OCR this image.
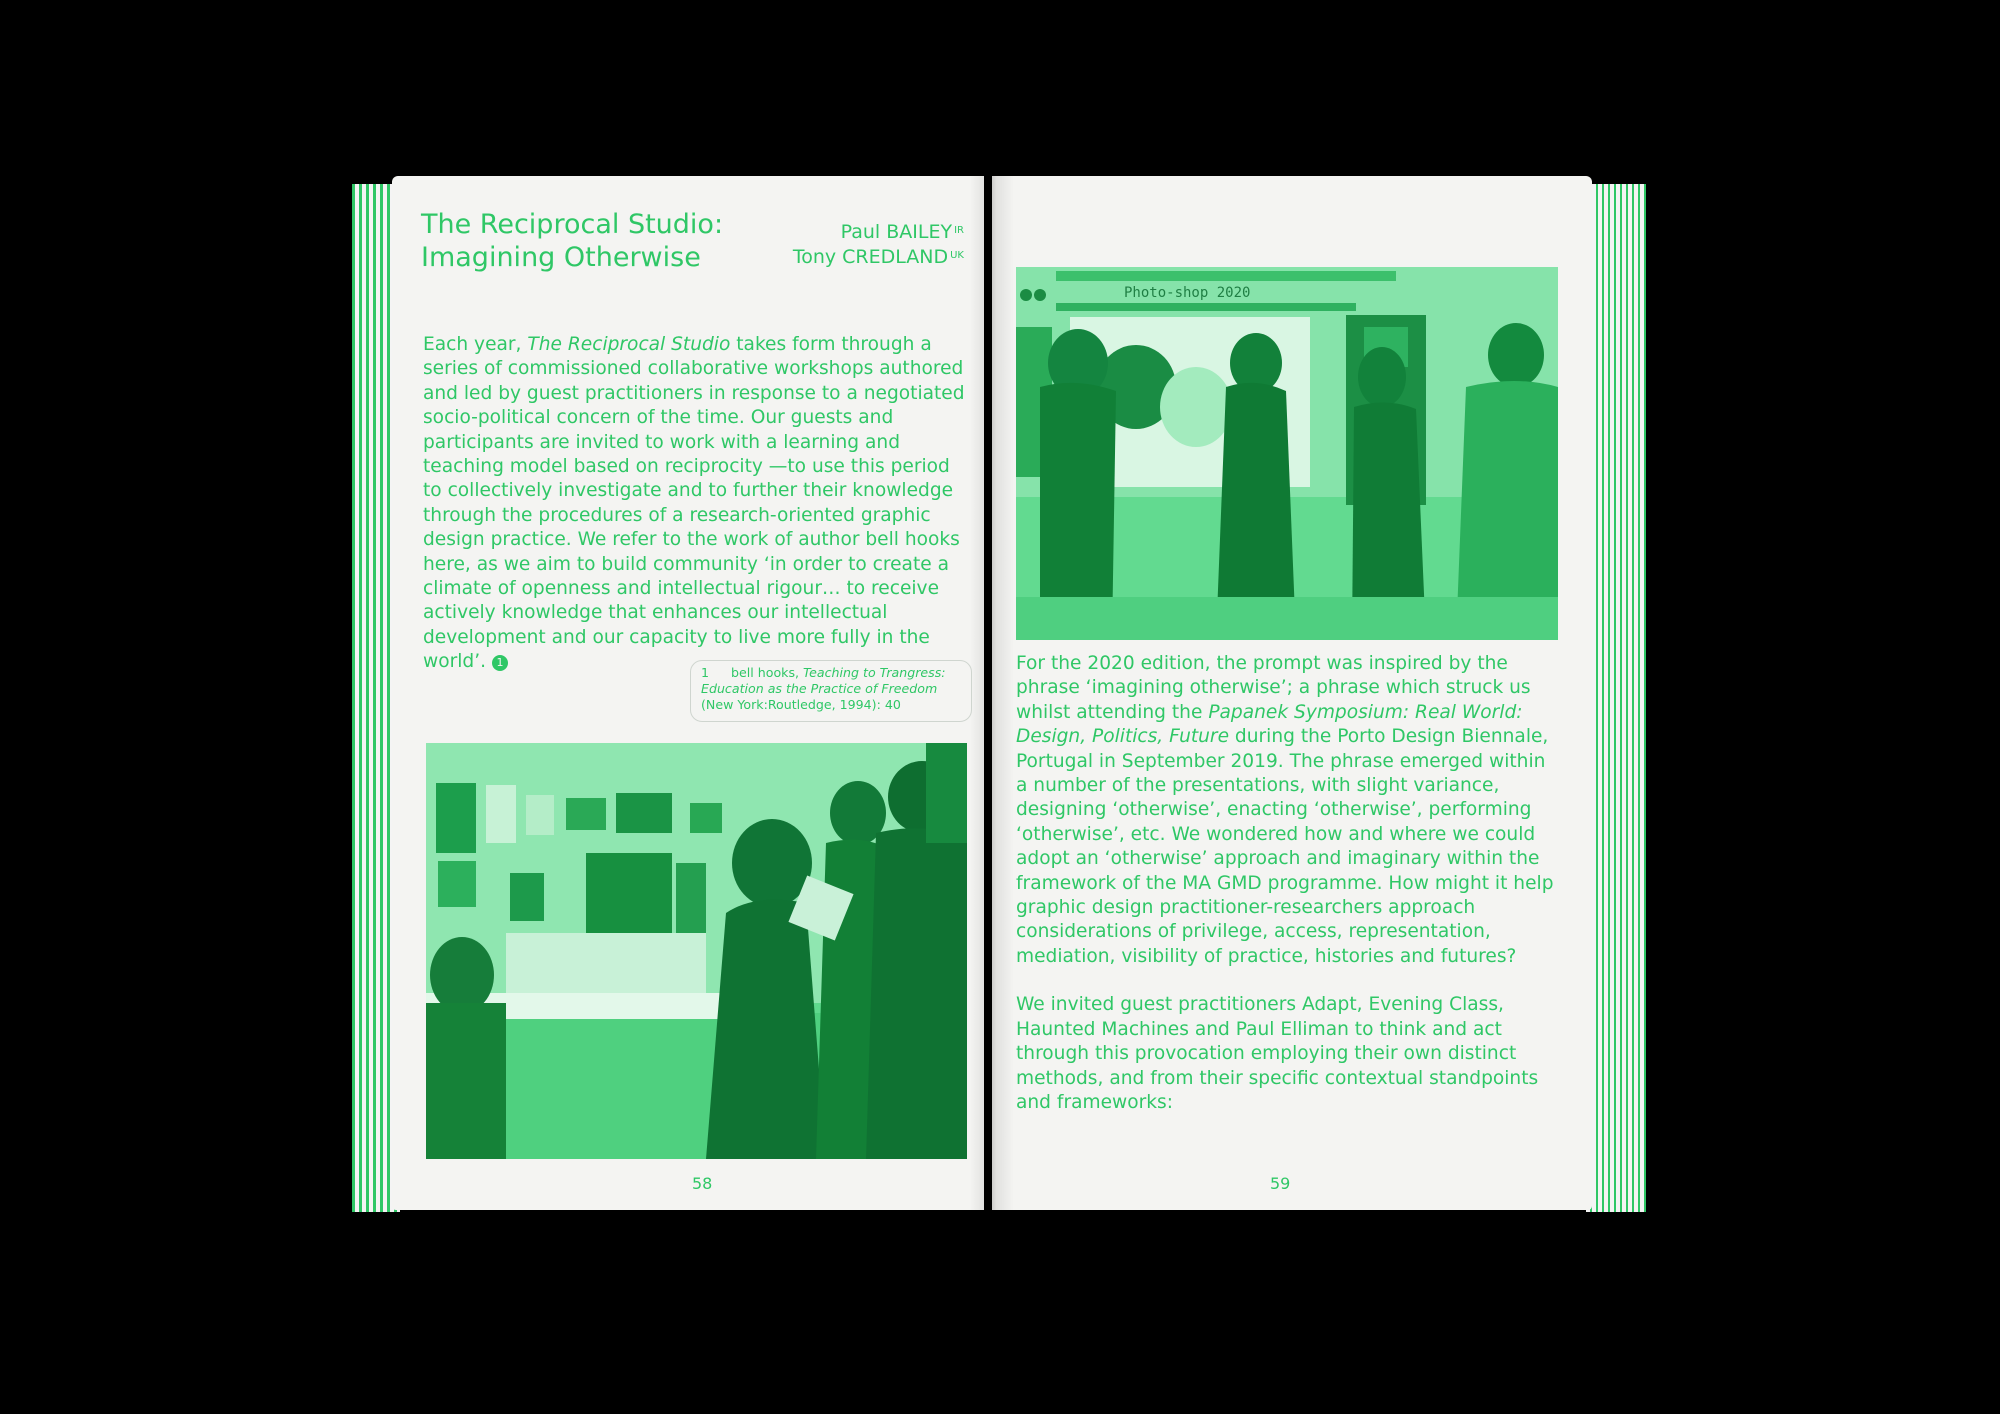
The Reciprocal Studio:
Imagining Otherwise
Paul BAILEY $^{IR}$
Tony CREDLAND $^{UK}$

Each year, The Reciprocal Studio takes form through a series of commissioned collaborative workshops authored and led by guest practitioners in response to a negotiated socio-political concern of the time. Our guests and participants are invited to work with a learning and teaching model based on reciprocity —to use this period to collectively investigate and to further their knowledge through the procedures of a research-oriented graphic design practice. We refer to the work of author bell hooks here, as we aim to build community ‘in order to create a climate of openness and intellectual rigour… to receive actively knowledge that enhances our intellectual development and our capacity to live more fully in the world’. 1

1 bell hooks, Teaching to Trangress: Education as the Practice of Freedom
(New York:Routledge, 1994): 40
58
Photo-shop 2020

For the 2020 edition, the prompt was inspired by the phrase ‘imagining otherwise’; a phrase which struck us whilst attending the Papanek Symposium: Real World: Design, Politics, Future during the Porto Design Biennale, Portugal in September 2019. The phrase emerged within a number of the presentations, with slight variance, designing ‘otherwise’, enacting ‘otherwise’, performing ‘otherwise’, etc. We wondered how and where we could adopt an ‘otherwise’ approach and imaginary within the framework of the MA GMD programme. How might it help graphic design practitioner-researchers approach considerations of privilege, access, representation, mediation, visibility of practice, histories and futures?

We invited guest practitioners Adapt, Evening Class, Haunted Machines and Paul Elliman to think and act through this provocation employing their own distinct methods, and from their specific contextual standpoints and frameworks:

59
